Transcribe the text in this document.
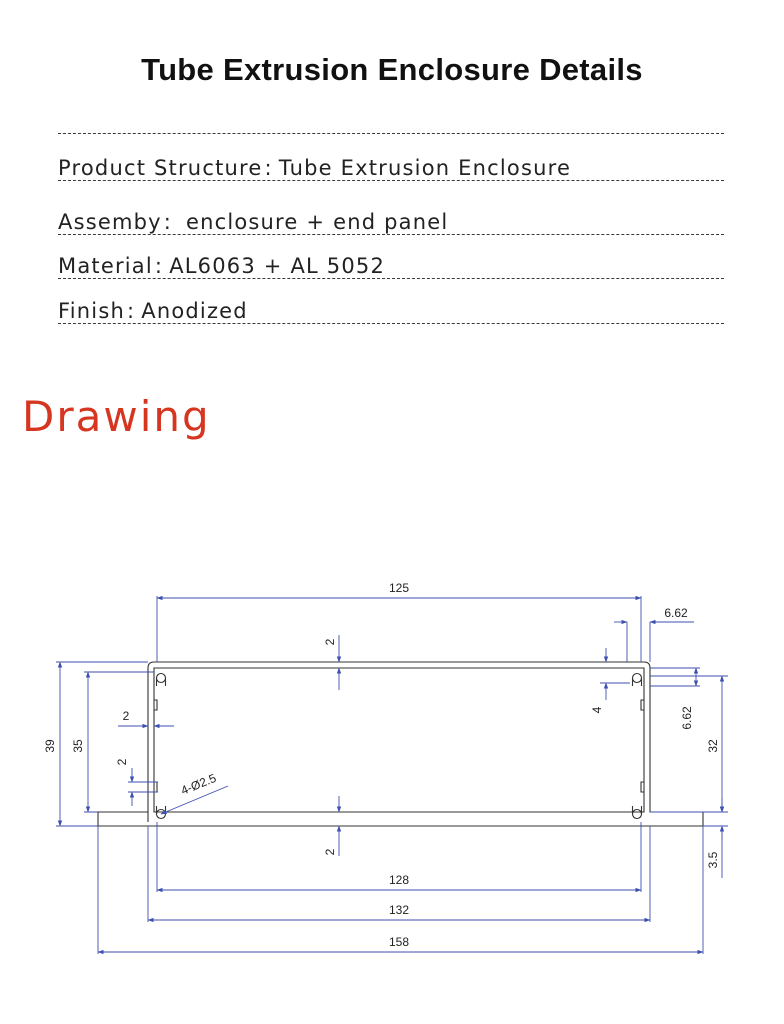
Tube Extrusion Enclosure Details
Product Structure: Tube Extrusion Enclosure
Assemby: enclosure + end panel
Material: AL6063 + AL 5052
Finish: Anodized
Drawing
125
6.62
2
4	6.62
32
39 35
2
2
4-Ø2.5
2	3.5
128
132
158
